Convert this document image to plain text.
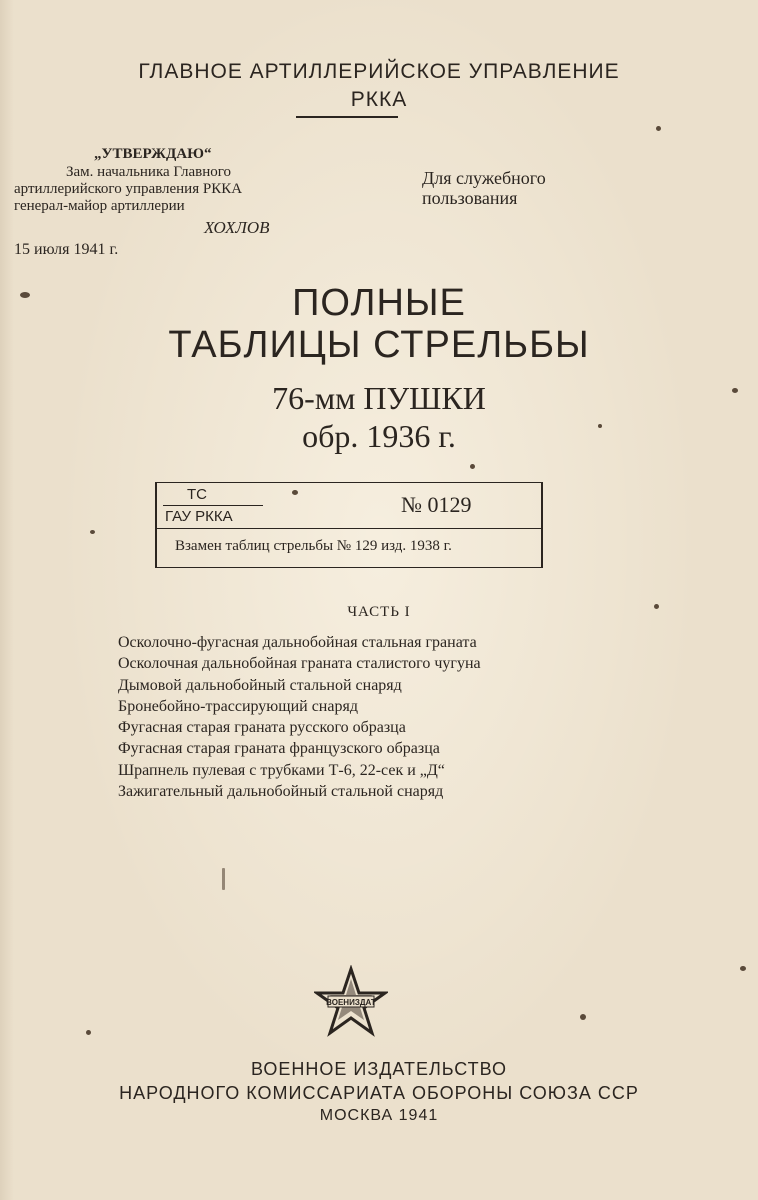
ГЛАВНОЕ АРТИЛЛЕРИЙСКОЕ УПРАВЛЕНИЕ
РККА
„УТВЕРЖДАЮ“
Зам. начальника Главного
артиллерийского управления РККА
генерал-майор артиллерии
ХОХЛОВ
15 июля 1941 г.
Для служебного
пользования
ПОЛНЫЕ
ТАБЛИЦЫ СТРЕЛЬБЫ
76-мм ПУШКИ
обр. 1936 г.
ТС
ГАУ РККА	№ 0129
Взамен таблиц стрельбы № 129 изд. 1938 г.
ЧАСТЬ I
Осколочно-фугасная дальнобойная стальная граната
Осколочная дальнобойная граната сталистого чугуна
Дымовой дальнобойный стальной снаряд
Бронебойно-трассирующий снаряд
Фугасная старая граната русского образца
Фугасная старая граната французского образца
Шрапнель пулевая с трубками Т-6, 22-сек и „Д“
Зажигательный дальнобойный стальной снаряд
ВОЕНИЗДАТ
ВОЕННОЕ ИЗДАТЕЛЬСТВО
НАРОДНОГО КОМИССАРИАТА ОБОРОНЫ СОЮЗА ССР
МОСКВА 1941
